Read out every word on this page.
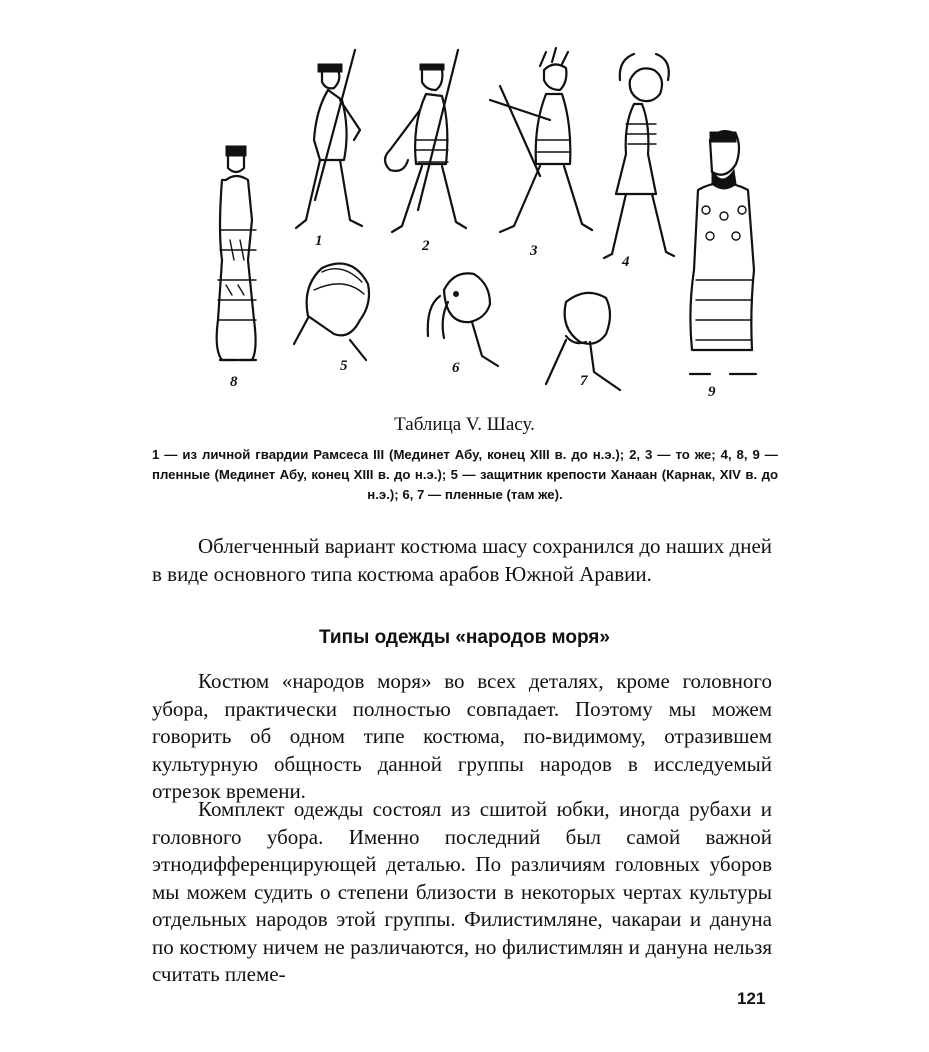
1	2	3
4
9
5	6
7
8
Таблица V. Шасу.
1 — из личной гвардии Рамсеса III (Мединет Абу, конец XIII в. до н.э.); 2, 3 — то же; 4, 8, 9 — пленные (Мединет Абу, конец XIII в. до н.э.); 5 — защитник крепости Ханаан (Карнак, XIV в. до н.э.); 6, 7 — пленные (там же).

Облегченный вариант костюма шасу сохранился до наших дней в виде основного типа костюма арабов Южной Аравии.

Типы одежды «народов моря»

Костюм «народов моря» во всех деталях, кроме головного убора, практически полностью совпадает. Поэтому мы можем говорить об одном типе костюма, по-видимому, отразившем культурную общность данной группы народов в исследуемый отрезок времени.

Комплект одежды состоял из сшитой юбки, иногда рубахи и головного убора. Именно последний был самой важной этнодифференцирующей деталью. По различиям головных уборов мы можем судить о степени близости в некоторых чертах культуры отдельных народов этой группы. Филистимляне, чакараи и дануна по костюму ничем не различаются, но филистимлян и дануна нельзя считать племе-

121
